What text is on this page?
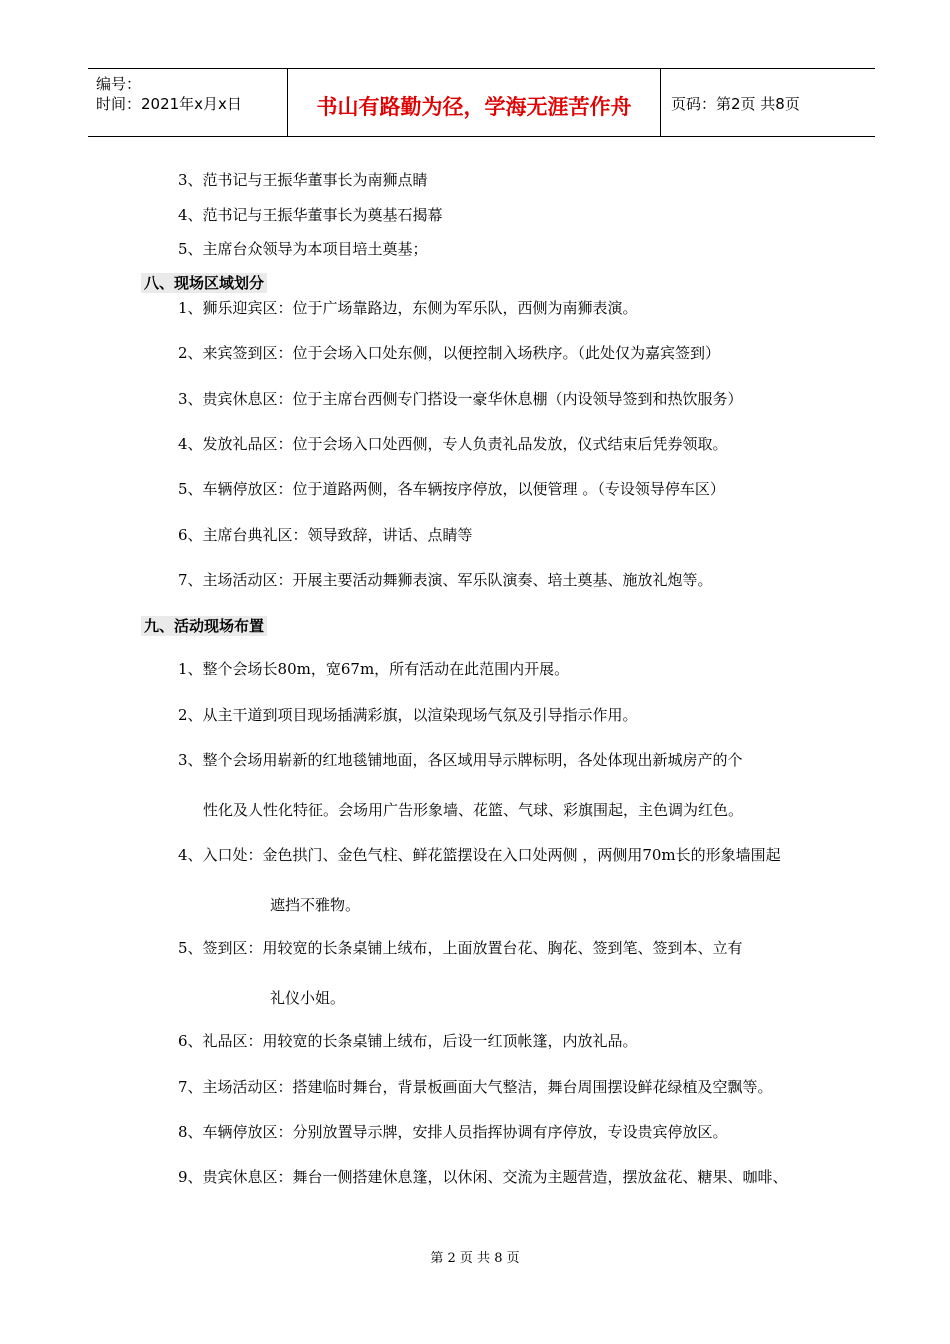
编号：
时间：2021年x月x日	书山有路勤为径，学海无涯苦作舟	页码：第2页 共8页
3、范书记与王振华董事长为南狮点睛
4、范书记与王振华董事长为奠基石揭幕
5、主席台众领导为本项目培土奠基；
八、现场区域划分
1、狮乐迎宾区：位于广场靠路边，东侧为军乐队，西侧为南狮表演。
2、来宾签到区：位于会场入口处东侧，以便控制入场秩序。（此处仅为嘉宾签到）
3、贵宾休息区：位于主席台西侧专门搭设一豪华休息棚（内设领导签到和热饮服务）
4、发放礼品区：位于会场入口处西侧，专人负责礼品发放，仪式结束后凭券领取。
5、车辆停放区：位于道路两侧，各车辆按序停放，以便管理 。（专设领导停车区）
6、主席台典礼区：领导致辞，讲话、点睛等
7、主场活动区：开展主要活动舞狮表演、军乐队演奏、培土奠基、施放礼炮等。
九、活动现场布置
1、整个会场长80m，宽67m，所有活动在此范围内开展。
2、从主干道到项目现场插满彩旗，以渲染现场气氛及引导指示作用。
3、整个会场用崭新的红地毯铺地面，各区域用导示牌标明，各处体现出新城房产的个
性化及人性化特征。会场用广告形象墙、花篮、气球、彩旗围起，主色调为红色。
4、入口处：金色拱门、金色气柱、鲜花篮摆设在入口处两侧 ，两侧用70m长的形象墙围起
遮挡不雅物。
5、签到区：用较宽的长条桌铺上绒布，上面放置台花、胸花、签到笔、签到本、立有
礼仪小姐。
6、礼品区：用较宽的长条桌铺上绒布，后设一红顶帐篷，内放礼品。
7、主场活动区：搭建临时舞台，背景板画面大气整洁，舞台周围摆设鲜花绿植及空飘等。
8、车辆停放区：分别放置导示牌，安排人员指挥协调有序停放，专设贵宾停放区。
9、贵宾休息区：舞台一侧搭建休息篷，以休闲、交流为主题营造，摆放盆花、糖果、咖啡、
第 2 页 共 8 页
